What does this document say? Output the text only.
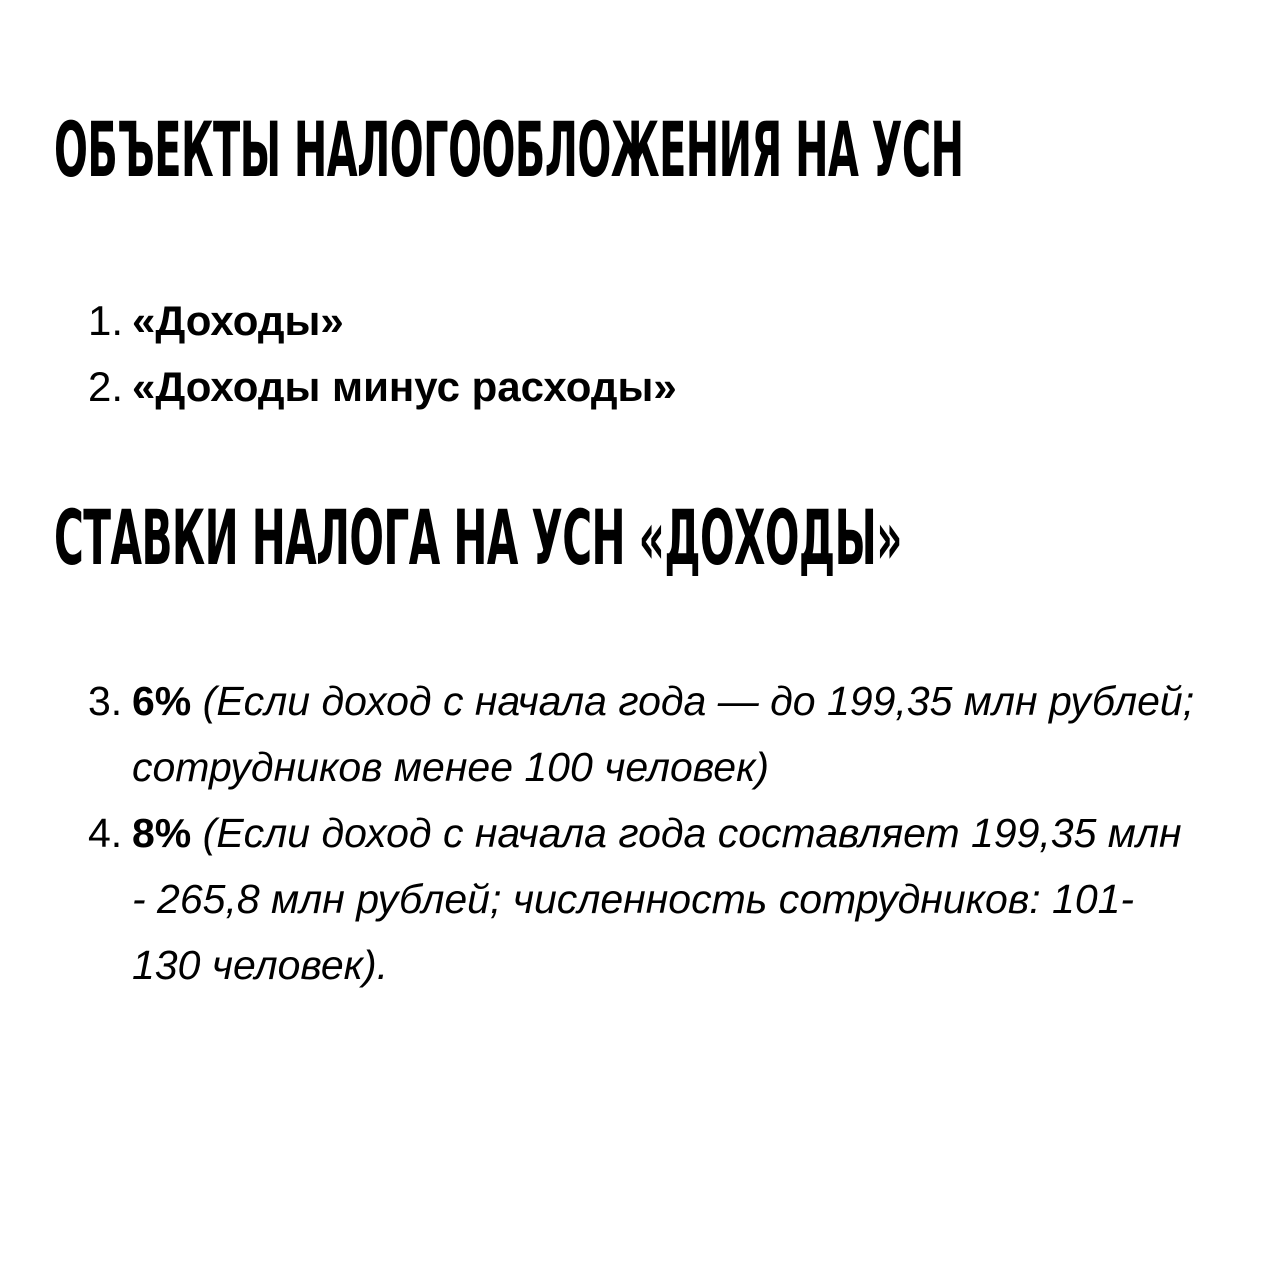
ОБЪЕКТЫ НАЛОГООБЛОЖЕНИЯ НА УСН
1. «Доходы»
2. «Доходы минус расходы»
СТАВКИ НАЛОГА НА УСН «ДОХОДЫ»
3. 6% (Если доход с начала года — до 199,35 млн рублей; сотрудников менее 100 человек)
4. 8% (Если доход с начала года составляет 199,35 млн - 265,8 млн рублей; численность сотрудников: 101-130 человек).
